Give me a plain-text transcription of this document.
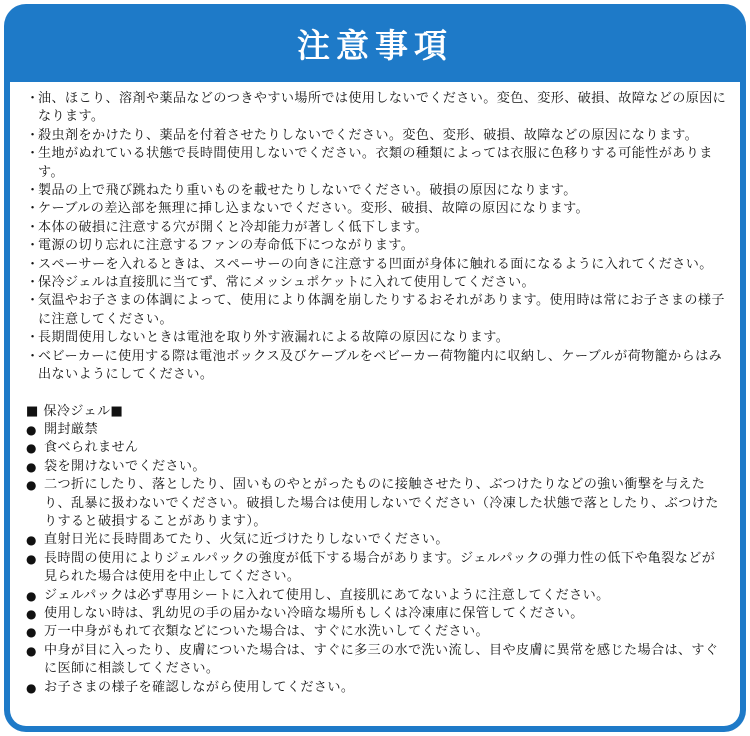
注意事項
・
油、ほこり、溶剤や薬品などのつきやすい場所では使用しないでください。変色、変形、破損、故障などの原因になります。
・
殺虫剤をかけたり、薬品を付着させたりしないでください。変色、変形、破損、故障などの原因になります。
・
生地がぬれている状態で長時間使用しないでください。衣類の種類によっては衣服に色移りする可能性があります。
・
製品の上で飛び跳ねたり重いものを載せたりしないでください。破損の原因になります。
・
ケーブルの差込部を無理に挿し込まないでください。変形、破損、故障の原因になります。
・
本体の破損に注意する穴が開くと冷却能力が著しく低下します。
・
電源の切り忘れに注意するファンの寿命低下につながります。
・
スペーサーを入れるときは、スペーサーの向きに注意する凹面が身体に触れる面になるように入れてください。
・
保冷ジェルは直接肌に当てず、常にメッシュポケットに入れて使用してください。
・
気温やお子さまの体調によって、使用により体調を崩したりするおそれがあります。使用時は常にお子さまの様子に注意してください。
・
長期間使用しないときは電池を取り外す液漏れによる故障の原因になります。
・
ベビーカーに使用する際は電池ボックス及びケーブルをベビーカー荷物籠内に収納し、ケーブルが荷物籠からはみ出ないようにしてください。
■ 保冷ジェル■
● 開封厳禁
● 食べられません
● 袋を開けないでください。
● 二つ折にしたり、落としたり、固いものやとがったものに接触させたり、ぶつけたりなどの強い衝撃を与えたり、乱暴に扱わないでください。破損した場合は使用しないでください（冷凍した状態で落としたり、ぶつけたりすると破損することがあります）。
● 直射日光に長時間あてたり、火気に近づけたりしないでください。
● 長時間の使用によりジェルパックの強度が低下する場合があります。ジェルパックの弾力性の低下や亀裂などが見られた場合は使用を中止してください。
● ジェルパックは必ず専用シートに入れて使用し、直接肌にあてないように注意してください。
● 使用しない時は、乳幼児の手の届かない冷暗な場所もしくは冷凍庫に保管してください。
● 万一中身がもれて衣類などについた場合は、すぐに水洗いしてください。
● 中身が目に入ったり、皮膚についた場合は、すぐに多三の水で洗い流し、目や皮膚に異常を感じた場合は、すぐに医師に相談してください。
● お子さまの様子を確認しながら使用してください。
